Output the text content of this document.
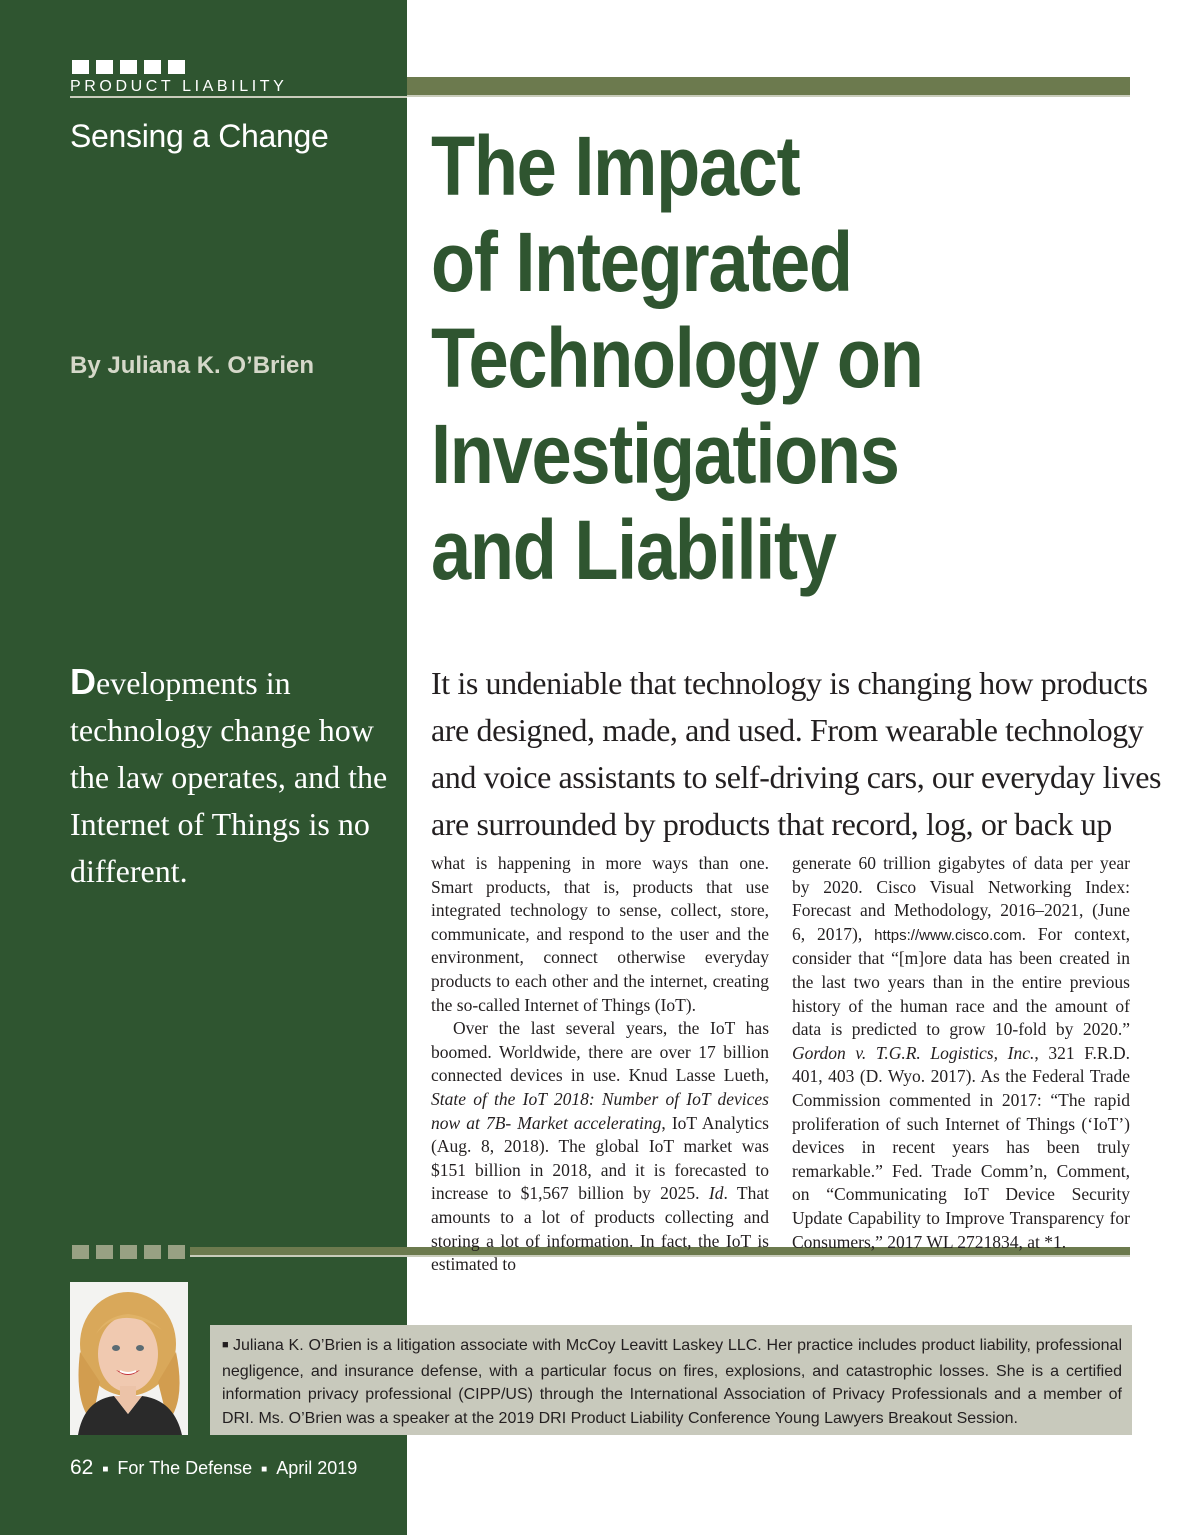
PRODUCT LIABILITY
Sensing a Change
By Juliana K. O’Brien

Developments in technology change how the law operates, and the Internet of Things is no different.

■ Juliana K. O’Brien is a litigation associate with McCoy Leavitt Laskey LLC. Her practice includes product liability, professional negligence, and insurance defense, with a particular focus on fires, explosions, and catastrophic losses. She is a certified information privacy professional (CIPP/US) through the International Association of Privacy Professionals and a member of DRI. Ms. O’Brien was a speaker at the 2019 DRI Product Liability Conference Young Lawyers Breakout Session.

62 ■ For The Defense ■ April 2019
The Impact
of Integrated
Technology on
Investigations
and Liability

It is undeniable that technology is changing how products
are designed, made, and used. From wearable technology
and voice assistants to self-driving cars, our everyday lives
are surrounded by products that record, log, or back up

what is happening in more ways than one. Smart products, that is, products that use integrated technology to sense, collect, store, communicate, and respond to the user and the environment, connect otherwise everyday products to each other and the internet, creating the so-called Internet of Things (IoT).

Over the last several years, the IoT has boomed. Worldwide, there are over 17 billion connected devices in use. Knud Lasse Lueth, State of the IoT 2018: Number of IoT devices now at 7B- Market accelerating, IoT Analytics (Aug. 8, 2018). The global IoT market was $151 billion in 2018, and it is forecasted to increase to $1,567 billion by 2025. Id. That amounts to a lot of products collecting and storing a lot of information. In fact, the IoT is estimated to

generate 60 trillion gigabytes of data per year by 2020. Cisco Visual Networking Index: Forecast and Methodology, 2016–2021, (June 6, 2017), https://www.cisco.com. For context, consider that “[m]ore data has been created in the last two years than in the entire previous history of the human race and the amount of data is predicted to grow 10-fold by 2020.” Gordon v. T.G.R. Logistics, Inc., 321 F.R.D. 401, 403 (D. Wyo. 2017). As the Federal Trade Commission commented in 2017: “The rapid proliferation of such Internet of Things (‘IoT’) devices in recent years has been truly remarkable.” Fed. Trade Comm’n, Comment, on “Communicating IoT Device Security Update Capability to Improve Transparency for Consumers,” 2017 WL 2721834, at *1.
